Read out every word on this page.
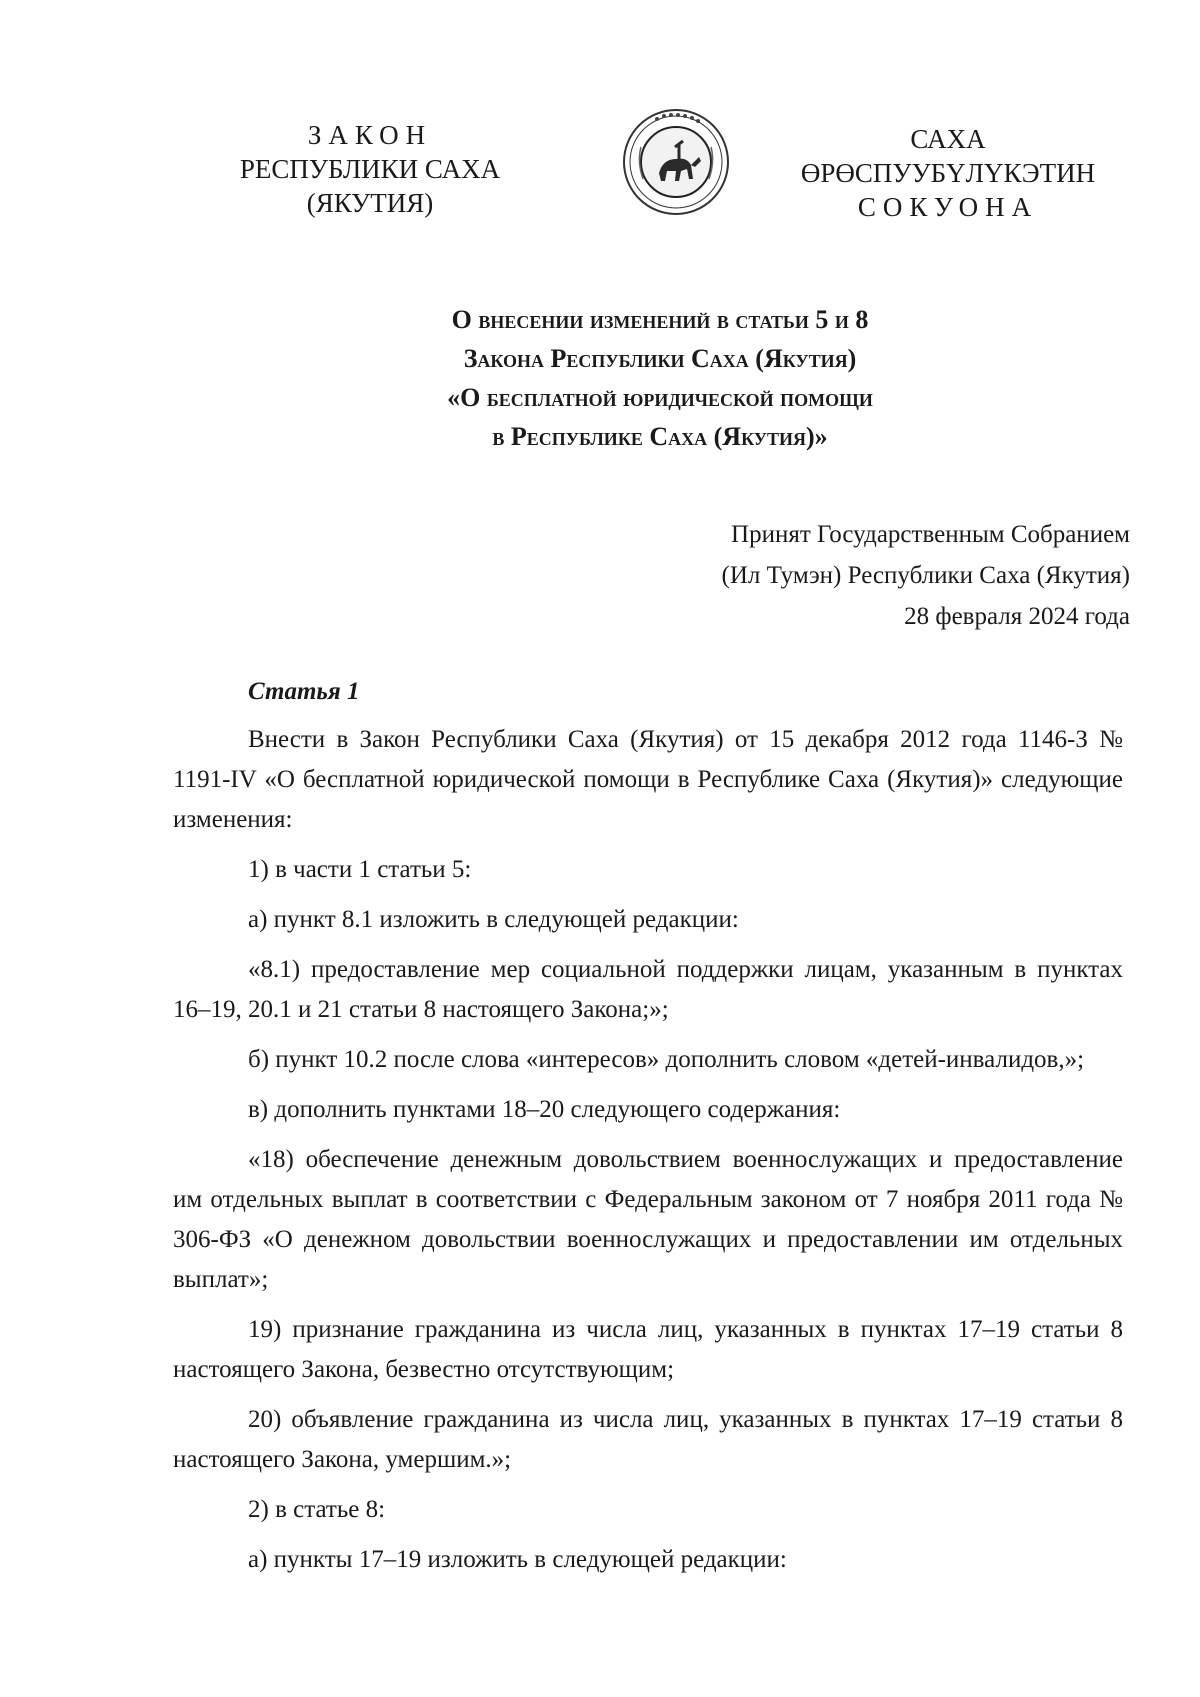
ЗАКОН
РЕСПУБЛИКИ САХА (ЯКУТИЯ)
САХА ӨРӨСПУУБҮЛҮКЭТИН
СОКУОНА
О внесении изменений в статьи 5 и 8
Закона Республики Саха (Якутия)
«О бесплатной юридической помощи
в Республике Саха (Якутия)»
Принят Государственным Собранием
(Ил Тумэн) Республики Саха (Якутия)
28 февраля 2024 года
Статья 1

Внести в Закон Республики Саха (Якутия) от 15 декабря 2012 года 1146-З № 1191-IV «О бесплатной юридической помощи в Республике Саха (Якутия)» следующие изменения:

1) в части 1 статьи 5:

а) пункт 8.1 изложить в следующей редакции:

«8.1) предоставление мер социальной поддержки лицам, указанным в пунктах 16–19, 20.1 и 21 статьи 8 настоящего Закона;»;

б) пункт 10.2 после слова «интересов» дополнить словом «детей-инвалидов,»;

в) дополнить пунктами 18–20 следующего содержания:

«18) обеспечение денежным довольствием военнослужащих и предоставление им отдельных выплат в соответствии с Федеральным законом от 7 ноября 2011 года № 306-ФЗ «О денежном довольствии военнослужащих и предоставлении им отдельных выплат»;

19) признание гражданина из числа лиц, указанных в пунктах 17–19 статьи 8 настоящего Закона, безвестно отсутствующим;

20) объявление гражданина из числа лиц, указанных в пунктах 17–19 статьи 8 настоящего Закона, умершим.»;

2) в статье 8:

а) пункты 17–19 изложить в следующей редакции:
